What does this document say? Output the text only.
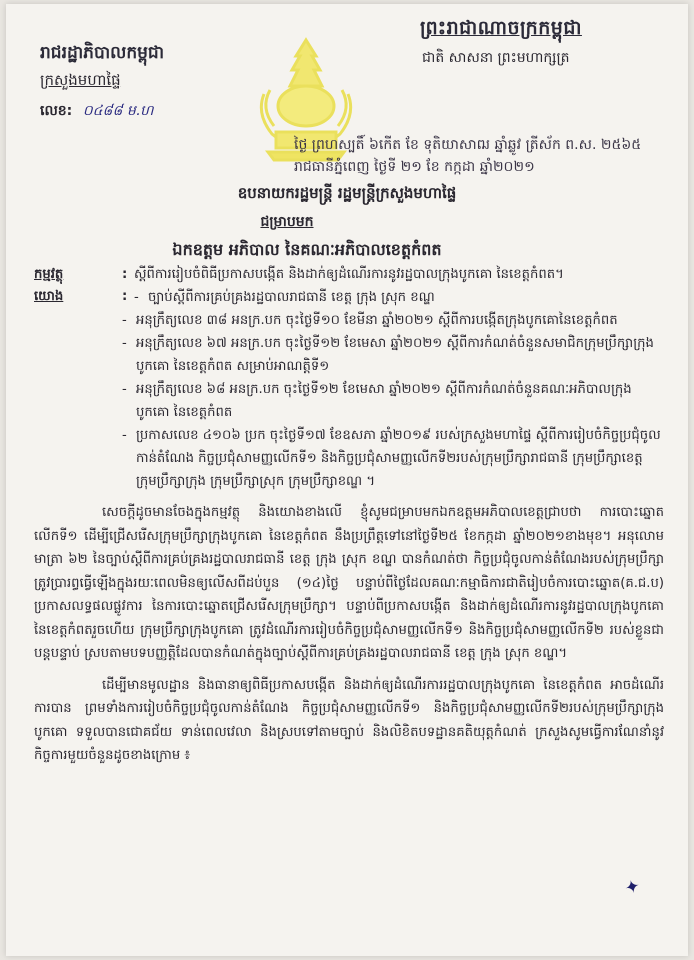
ព្រះរាជាណាចក្រកម្ពុជា
ជាតិ សាសនា ព្រះមហាក្សត្រ
រាជរដ្ឋាភិបាលកម្ពុជា
ក្រសួងមហាផ្ទៃ
លេខ: ០៤៨៨ ម.ហ
ថ្ងៃ ព្រហស្បតិ៍ ៦កើត ខែ ទុតិយាសាឍ ឆ្នាំឆ្លូវ ត្រីស័ក ព.ស. ២៥៦៥
រាជធានីភ្នំពេញ ថ្ងៃទី ២១ ខែ កក្កដា ឆ្នាំ២០២១
ឧបនាយករដ្ឋមន្ត្រី រដ្ឋមន្ត្រីក្រសួងមហាផ្ទៃ
ជម្រាបមក
ឯកឧត្តម អភិបាល នៃគណៈអភិបាលខេត្តកំពត
កម្មវត្ថុ	: ស្តីពីការរៀបចំពិធីប្រកាសបង្កើត និងដាក់ឲ្យដំណើរការនូវរដ្ឋបាលក្រុងបូកគោ នៃខេត្តកំពត។
យោង	: - ច្បាប់ស្តីពីការគ្រប់គ្រងរដ្ឋបាលរាជធានី ខេត្ត ក្រុង ស្រុក ខណ្ឌ
- អនុក្រឹត្យលេខ ៣៨ អនក្រ.បក ចុះថ្ងៃទី១០ ខែមីនា ឆ្នាំ២០២១ ស្តីពីការបង្កើតក្រុងបូកគោនៃខេត្តកំពត
- អនុក្រឹត្យលេខ ៦៧ អនក្រ.បក ចុះថ្ងៃទី១២ ខែមេសា ឆ្នាំ២០២១ ស្តីពីការកំណត់ចំនួនសមាជិកក្រុមប្រឹក្សាក្រុងបូកគោ នៃខេត្តកំពត សម្រាប់អាណត្តិទី១
- អនុក្រឹត្យលេខ ៦៨ អនក្រ.បក ចុះថ្ងៃទី១២ ខែមេសា ឆ្នាំ២០២១ ស្តីពីការកំណត់ចំនួនគណៈអភិបាលក្រុងបូកគោ នៃខេត្តកំពត
- ប្រកាសលេខ ៤១០៦ ប្រក ចុះថ្ងៃទី១៧ ខែឧសភា ឆ្នាំ២០១៩ របស់ក្រសួងមហាផ្ទៃ ស្តីពីការរៀបចំកិច្ចប្រជុំចូលកាន់តំណែង កិច្ចប្រជុំសាមញ្ញលើកទី១ និងកិច្ចប្រជុំសាមញ្ញលើកទី២របស់ក្រុមប្រឹក្សារាជធានី ក្រុមប្រឹក្សាខេត្ត ក្រុមប្រឹក្សាក្រុង ក្រុមប្រឹក្សាស្រុក ក្រុមប្រឹក្សាខណ្ឌ ។

សេចក្តីដូចមានចែងក្នុងកម្មវត្ថុ និងយោងខាងលើ ខ្ញុំសូមជម្រាបមកឯកឧត្តមអភិបាលខេត្តជ្រាបថា ការបោះឆ្នោតលើកទី១ ដើម្បីជ្រើសរើសក្រុមប្រឹក្សាក្រុងបូកគោ នៃខេត្តកំពត នឹងប្រព្រឹត្តទៅនៅថ្ងៃទី២៥ ខែកក្កដា ឆ្នាំ២០២១ខាងមុខ។ អនុលោមមាត្រា ៦២ នៃច្បាប់ស្តីពីការគ្រប់គ្រងរដ្ឋបាលរាជធានី ខេត្ត ក្រុង ស្រុក ខណ្ឌ បានកំណត់ថា កិច្ចប្រជុំចូលកាន់តំណែងរបស់ក្រុមប្រឹក្សា ត្រូវប្រារព្ធធ្វើឡើងក្នុងរយៈពេលមិនឲ្យលើសពីដប់បួន (១៤)ថ្ងៃ បន្ទាប់ពីថ្ងៃដែលគណៈកម្មាធិការជាតិរៀបចំការបោះឆ្នោត(គ.ជ.ប) ប្រកាសលទ្ធផលផ្លូវការ នៃការបោះឆ្នោតជ្រើសរើសក្រុមប្រឹក្សា។ បន្ទាប់ពីប្រកាសបង្កើត និងដាក់ឲ្យដំណើរការនូវរដ្ឋបាលក្រុងបូកគោ នៃខេត្តកំពតរួចហើយ ក្រុមប្រឹក្សាក្រុងបូកគោ ត្រូវដំណើរការរៀបចំកិច្ចប្រជុំសាមញ្ញលើកទី១ និងកិច្ចប្រជុំសាមញ្ញលើកទី២ របស់ខ្លួនជាបន្តបន្ទាប់ ស្របតាមបទបញ្ញត្តិដែលបានកំណត់ក្នុងច្បាប់ស្តីពីការគ្រប់គ្រងរដ្ឋបាលរាជធានី ខេត្ត ក្រុង ស្រុក ខណ្ឌ។

ដើម្បីមានមូលដ្ឋាន និងធានាឲ្យពិធីប្រកាសបង្កើត និងដាក់ឲ្យដំណើរការរដ្ឋបាលក្រុងបូកគោ នៃខេត្តកំពត អាចដំណើរការបាន ព្រមទាំងការរៀបចំកិច្ចប្រជុំចូលកាន់តំណែង កិច្ចប្រជុំសាមញ្ញលើកទី១ និងកិច្ចប្រជុំសាមញ្ញលើកទី២របស់ក្រុមប្រឹក្សាក្រុងបូកគោ ទទួលបានជោគជ័យ ទាន់ពេលវេលា និងស្របទៅតាមច្បាប់ និងលិខិតបទដ្ឋានគតិយុត្តកំណត់ ក្រសួងសូមធ្វើការណែនាំនូវកិច្ចការមួយចំនួនដូចខាងក្រោម ៖

✦
